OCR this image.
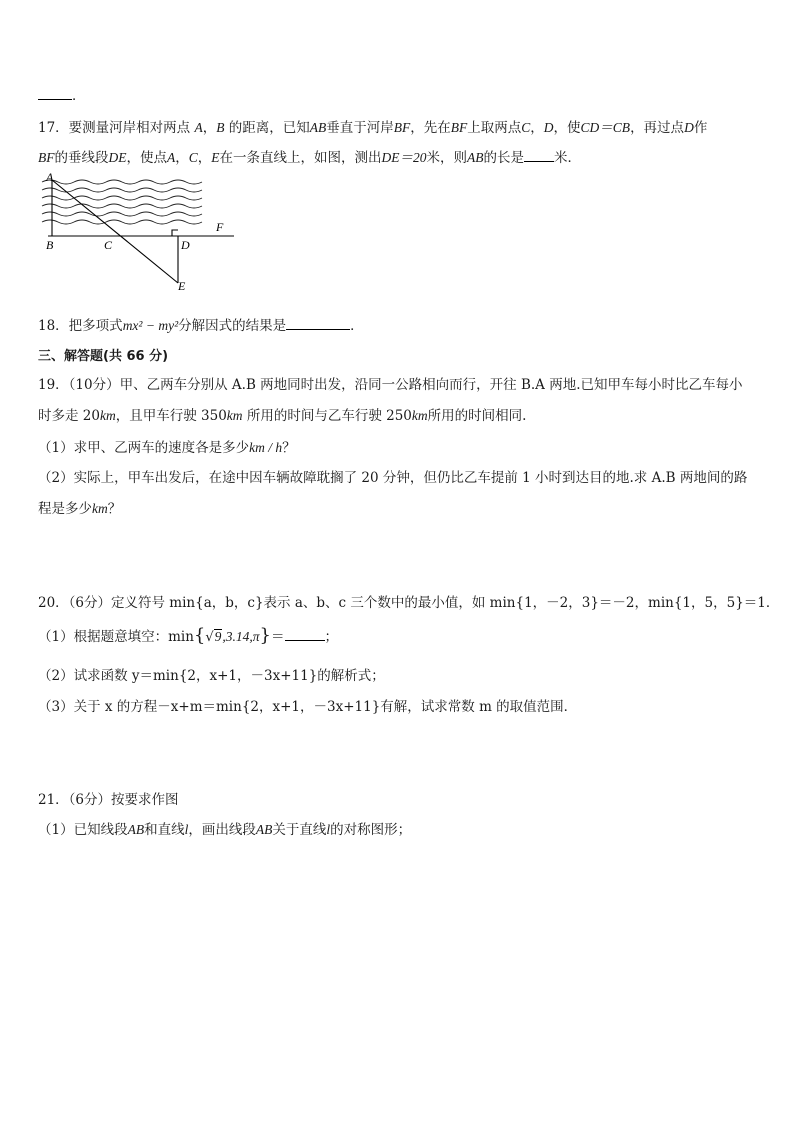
．
17．要测量河岸相对两点 A，B 的距离，已知AB垂直于河岸BF，先在BF上取两点C，D，使CD＝CB，再过点D作
BF的垂线段DE，使点A，C，E在一条直线上，如图，测出DE＝20米，则AB的长是 米．
A
B	C	D
E
F
18．把多项式mx² − my²分解因式的结果是	．
三、解答题(共 66 分)
19．（10分）甲、乙两车分别从 A.B 两地同时出发，沿同一公路相向而行，开往 B.A 两地.已知甲车每小时比乙车每小
时多走 20km，且甲车行驶 350km 所用的时间与乙车行驶 250km所用的时间相同.
（1）求甲、乙两车的速度各是多少km / h？
（2）实际上，甲车出发后，在途中因车辆故障耽搁了 20 分钟，但仍比乙车提前 1 小时到达目的地.求 A.B 两地间的路
程是多少km？
20．（6分）定义符号 min{a，b，c}表示 a、b、c 三个数中的最小值，如 min{1，－2，3}＝－2，min{1，5，5}＝1．
（1）根据题意填空：min{√9,3.14,π}＝	；
（2）试求函数 y＝min{2，x+1，－3x+11}的解析式；
（3）关于 x 的方程－x+m＝min{2，x+1，－3x+11}有解，试求常数 m 的取值范围．
21．（6分）按要求作图
（1）已知线段AB和直线l，画出线段AB关于直线l的对称图形；
